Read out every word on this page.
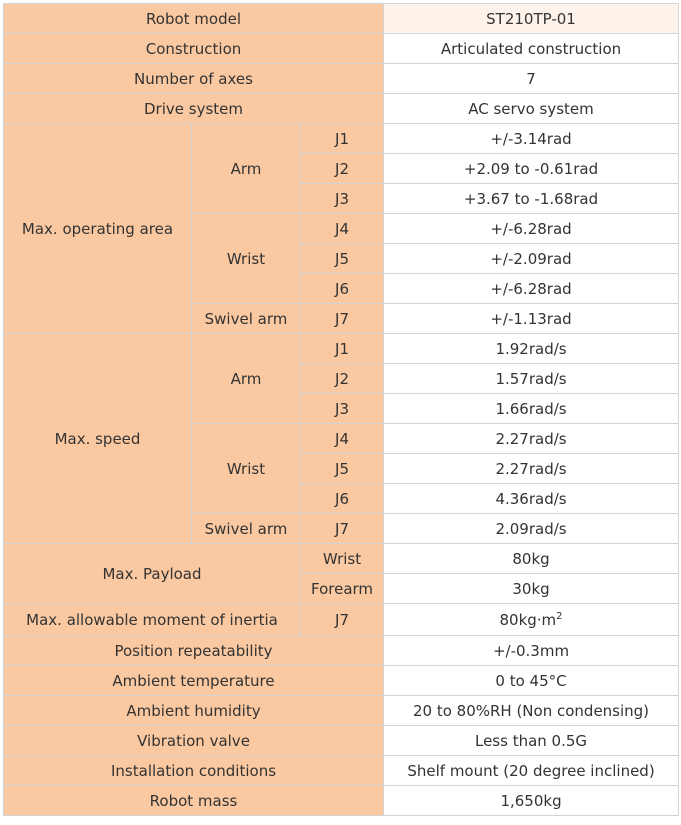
Robot model			ST210TP-01
Construction			Articulated construction
Number of axes			7
Drive system			AC servo system
Max. operating area	Arm	J1	+/-3.14rad
		J2	+2.09 to -0.61rad
		J3	+3.67 to -1.68rad
	Wrist	J4	+/-6.28rad
		J5	+/-2.09rad
		J6	+/-6.28rad
	Swivel arm	J7	+/-1.13rad
Max. speed	Arm	J1	1.92rad/s
		J2	1.57rad/s
		J3	1.66rad/s
	Wrist	J4	2.27rad/s
		J5	2.27rad/s
		J6	4.36rad/s
	Swivel arm	J7	2.09rad/s
Max. Payload		Wrist	80kg
		Forearm	30kg
Max. allowable moment of inertia		J7	$80kg\cdot m^2$
Position repeatability			+/-0.3mm
Ambient temperature			0 to 45°C
Ambient humidity			20 to 80%RH (Non condensing)
Vibration valve			Less than 0.5G
Installation conditions			Shelf mount (20 degree inclined)
Robot mass			1,650kg
